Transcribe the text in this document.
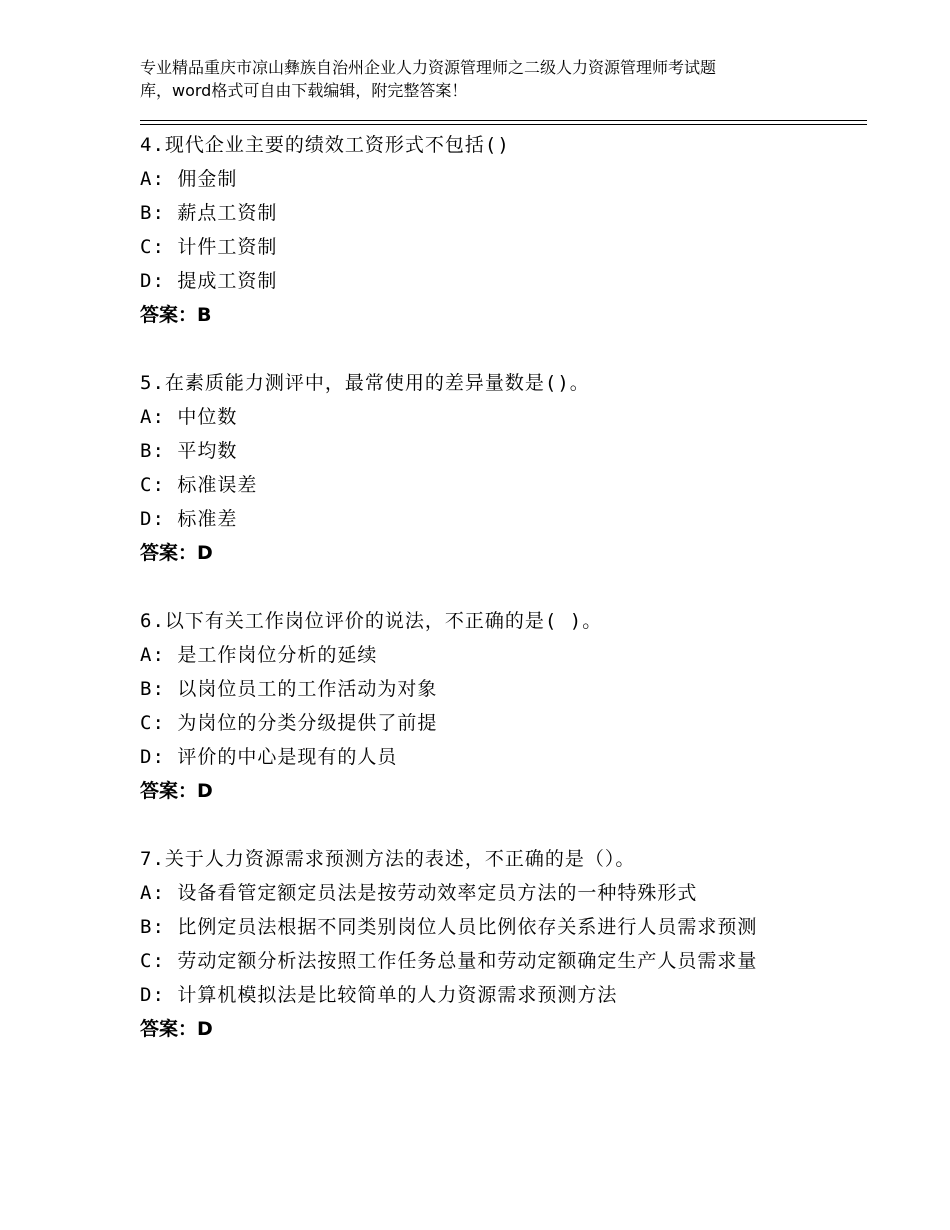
专业精品重庆市凉山彝族自治州企业人力资源管理师之二级人力资源管理师考试题
库，word格式可自由下载编辑，附完整答案！
4.现代企业主要的绩效工资形式不包括()
A: 佣金制
B: 薪点工资制
C: 计件工资制
D: 提成工资制
答案：B
5.在素质能力测评中，最常使用的差异量数是()。
A: 中位数
B: 平均数
C: 标准误差
D: 标准差
答案：D
6.以下有关工作岗位评价的说法，不正确的是( )。
A: 是工作岗位分析的延续
B: 以岗位员工的工作活动为对象
C: 为岗位的分类分级提供了前提
D: 评价的中心是现有的人员
答案：D
7.关于人力资源需求预测方法的表述，不正确的是（）。
A: 设备看管定额定员法是按劳动效率定员方法的一种特殊形式
B: 比例定员法根据不同类别岗位人员比例依存关系进行人员需求预测
C: 劳动定额分析法按照工作任务总量和劳动定额确定生产人员需求量
D: 计算机模拟法是比较简单的人力资源需求预测方法
答案：D
